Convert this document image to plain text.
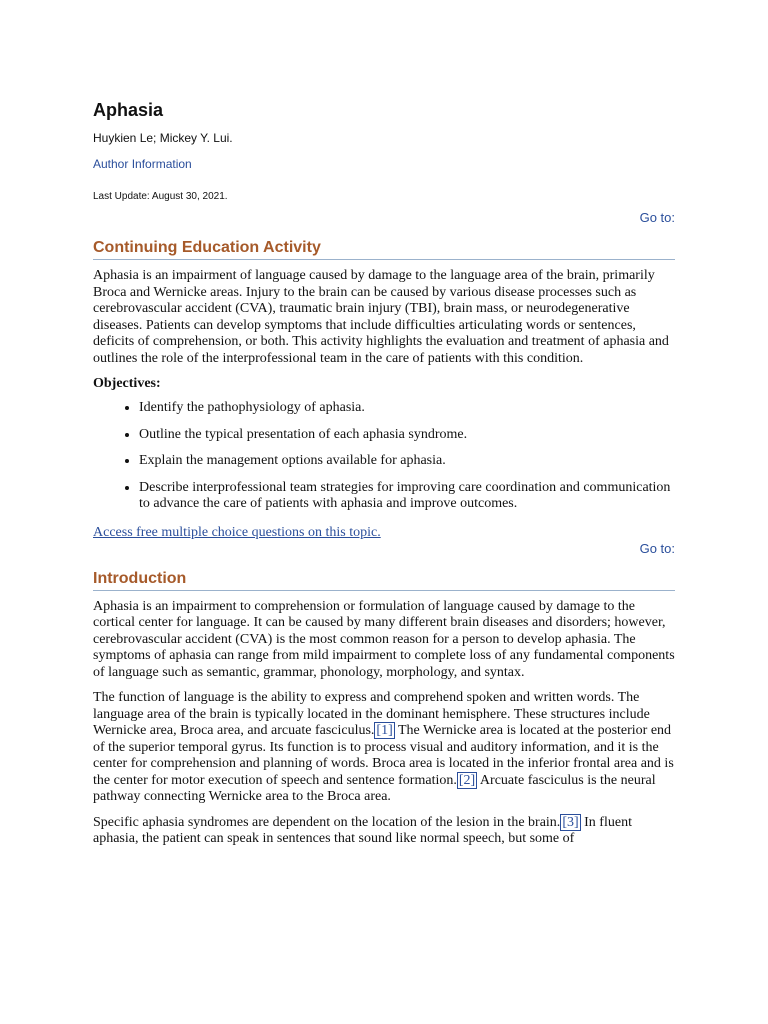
Aphasia
Huykien Le; Mickey Y. Lui.
Author Information
Last Update: August 30, 2021.
Go to:
Continuing Education Activity

Aphasia is an impairment of language caused by damage to the language area of the brain, primarily Broca and Wernicke areas. Injury to the brain can be caused by various disease processes such as cerebrovascular accident (CVA), traumatic brain injury (TBI), brain mass, or neurodegenerative diseases. Patients can develop symptoms that include difficulties articulating words or sentences, deficits of comprehension, or both. This activity highlights the evaluation and treatment of aphasia and outlines the role of the interprofessional team in the care of patients with this condition.

Objectives:
• Identify the pathophysiology of aphasia.
• Outline the typical presentation of each aphasia syndrome.
• Explain the management options available for aphasia.
• Describe interprofessional team strategies for improving care coordination and communication to advance the care of patients with aphasia and improve outcomes.
Access free multiple choice questions on this topic.
Go to:
Introduction

Aphasia is an impairment to comprehension or formulation of language caused by damage to the cortical center for language. It can be caused by many different brain diseases and disorders; however, cerebrovascular accident (CVA) is the most common reason for a person to develop aphasia. The symptoms of aphasia can range from mild impairment to complete loss of any fundamental components of language such as semantic, grammar, phonology, morphology, and syntax.

The function of language is the ability to express and comprehend spoken and written words. The language area of the brain is typically located in the dominant hemisphere. These structures include Wernicke area, Broca area, and arcuate fasciculus. [1] The Wernicke area is located at the posterior end of the superior temporal gyrus. Its function is to process visual and auditory information, and it is the center for comprehension and planning of words. Broca area is located in the inferior frontal area and is the center for motor execution of speech and sentence formation. [2] Arcuate fasciculus is the neural pathway connecting Wernicke area to the Broca area.

Specific aphasia syndromes are dependent on the location of the lesion in the brain. [3] In fluent aphasia, the patient can speak in sentences that sound like normal speech, but some of
